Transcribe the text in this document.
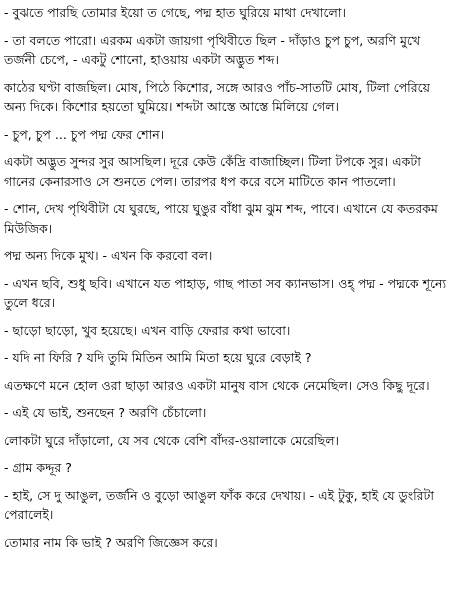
- বুঝতে পারছি তোমার ইয়ো ত গেছে, পদ্ম হাত ঘুরিয়ে মাথা দেখালো।

- তা বলতে পারো। এরকম একটা জায়গা পৃথিবীতে ছিল - দাঁড়াও চুপ চুপ, অরণি মুখে তর্জনী চেপে, - একটু শোনো, হাওয়ায় একটা অদ্ভুত শব্দ।

কাঠের ঘণ্টা বাজছিল। মোষ, পিঠে কিশোর, সঙ্গে আরও পাঁচ-সাতটি মোষ, টিলা পেরিয়ে অন্য দিকে। কিশোর হয়তো ঘুমিয়ে। শব্দটা আস্তে আস্তে মিলিয়ে গেল।

- চুপ, চুপ ... চুপ পদ্ম ফের শোন।

একটা অদ্ভুত সুন্দর সুর আসছিল। দূরে কেউ কেঁদ্রি বাজাচ্ছিল। টিলা টপকে সুর। একটা গানের কেনারসাও সে শুনতে পেল। তারপর ধপ করে বসে মাটিতে কান পাতলো।

- শোন, দেখ পৃথিবীটা যে ঘুরছে, পায়ে ঘুঙুর বাঁধা ঝুম ঝুম শব্দ, পাবে। এখানে যে কতরকম মিউজিক।

পদ্ম অন্য দিকে মুখ। - এখন কি করবো বল।

- এখন ছবি, শুধু ছবি। এখানে যত পাহাড়, গাছ পাতা সব ক্যানভাস। ওহ্ পদ্ম - পদ্মকে শূন্যে তুলে ধরে।

- ছাড়ো ছাড়ো, খুব হয়েছে। এখন বাড়ি ফেরার কথা ভাবো।

- যদি না ফিরি ? যদি তুমি মিতিন আমি মিতা হয়ে ঘুরে বেড়াই ?

এতক্ষণে মনে হোল ওরা ছাড়া আরও একটা মানুষ বাস থেকে নেমেছিল। সেও কিছু দূরে।

- এই যে ভাই, শুনছেন ? অরণি চেঁচালো।

লোকটা ঘুরে দাঁড়ালো, যে সব থেকে বেশি বাঁদর-ওয়ালাকে মেরেছিল।

- গ্রাম কদ্দূর ?

- হাই, সে দু আঙুল, তর্জনি ও বুড়ো আঙুল ফাঁক করে দেখায়। - এই টুকু, হাই যে ডুংরিটা পেরালেই।

তোমার নাম কি ভাই ? অরণি জিজ্ঞেস করে।
